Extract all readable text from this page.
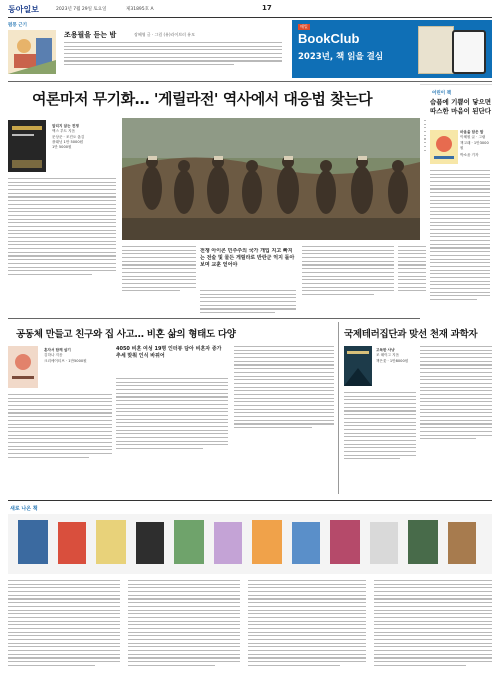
동아일보	2023년 7월 29일 토요일	제31895호 A	17
펌풍 근기
조용필을 듣는 밤	장혜영 글 · 그림 (유)라이브러 유모
매일
BookClub
2023년, 책 읽을 결심
여론마저 무기화… '게릴라전' 역사에서 대응법 찾는다
알리지 않는 전쟁
맥스 부트 지음
문상준 · 조진오 옮김
플래닛 1만 5000원
1만 5000원
전쟁 아이콘 민주주의 국가 개입 지고 빠지는 전술 및 물든 게릴라로 반란군 억지 돌아보며 교훈 얻어야
공동체 만들고 친구와 집 사고… 비혼 삶의 형태도 다양
혼자서 함께 살기
김하나 지음
크리에이티브 · 1만5000원
4050 비혼 여성 19명 인터뷰 담아 비혼자 증가 추세 맞춰 인식 바뀌어
국제테러집단과 맞선 천재 과학자
고독한 사냥
조 헤이그 지음
책은꽃 · 1만8000원
새로 나온 책
어린이 책
슴픔에 기쁨이 닿으면 따스한 마음이 된단다
마음을 담은 말
이혜원 글 · 그림
책고래 · 1만3000원
박소윤 기자
